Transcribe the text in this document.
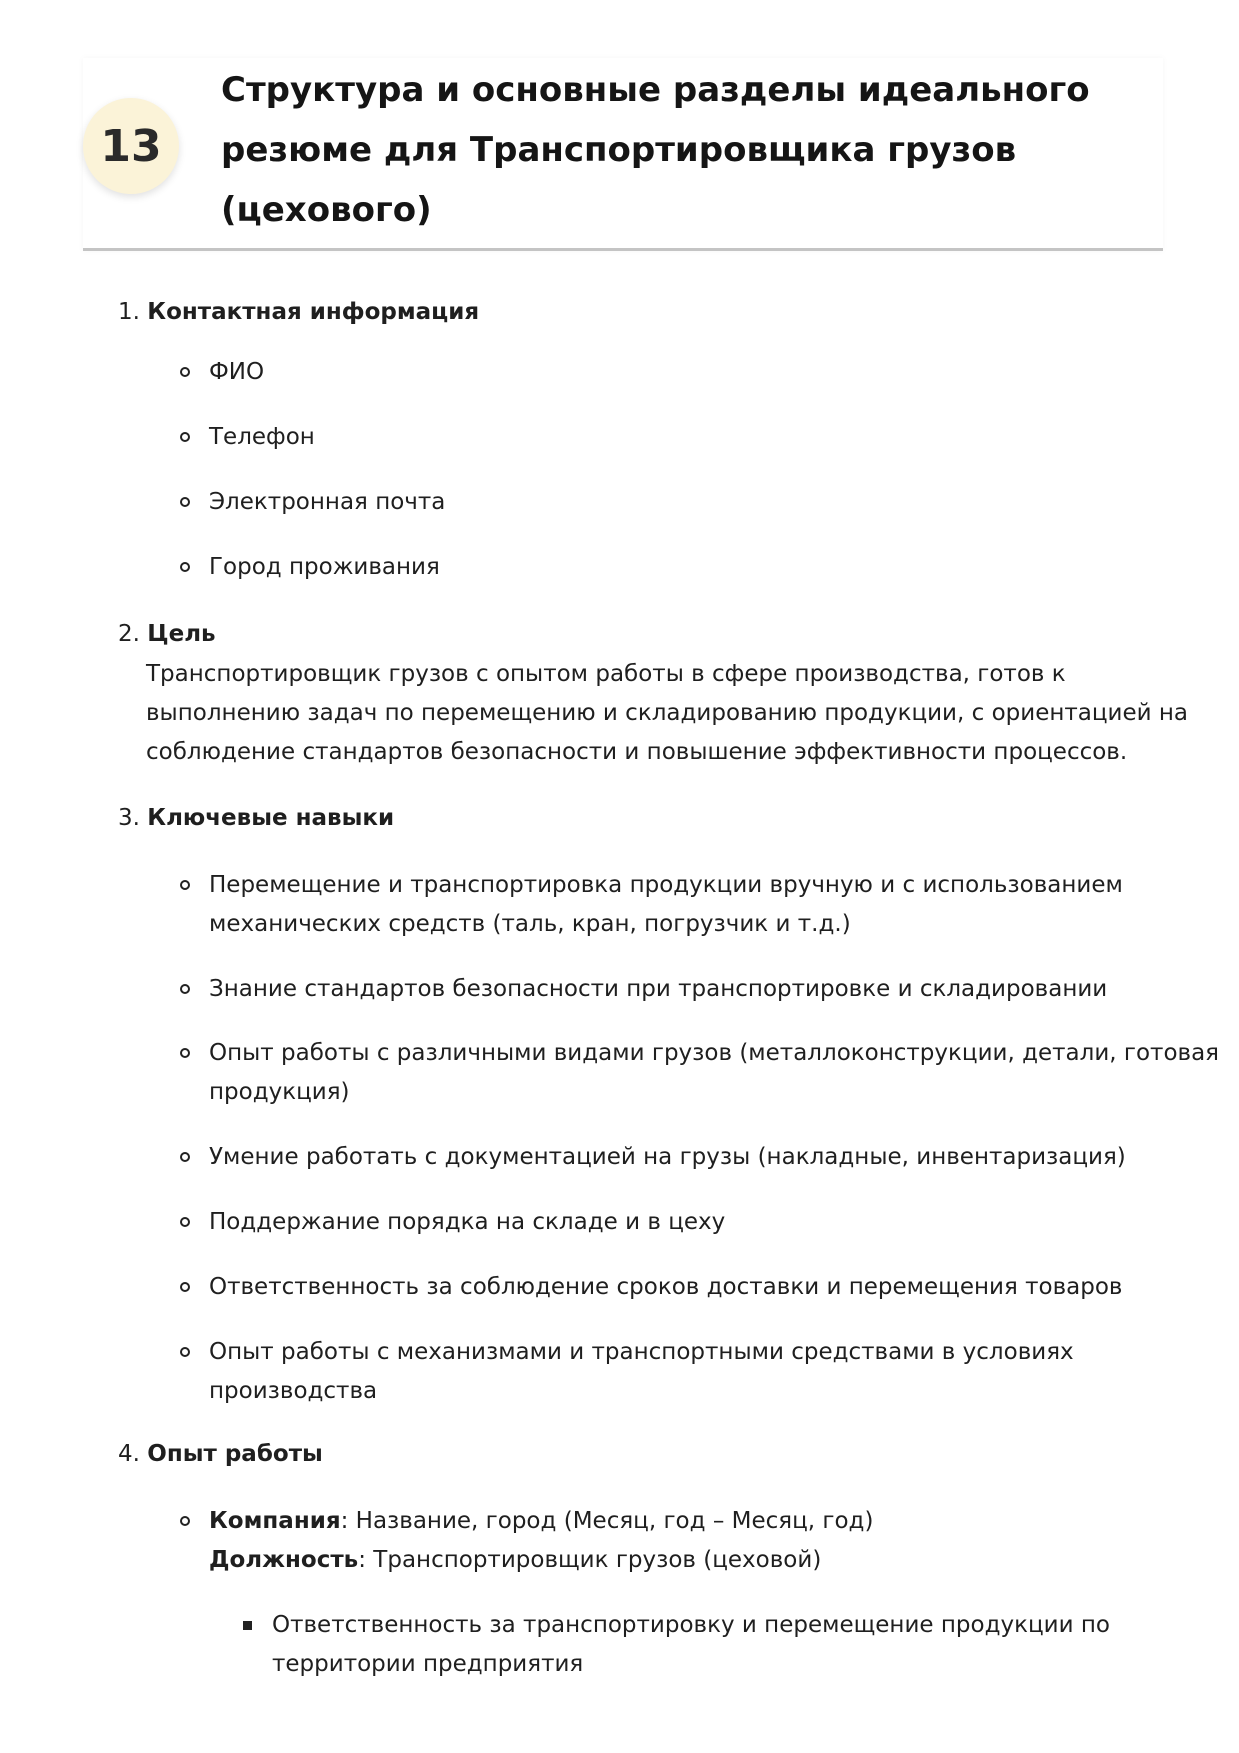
13
Структура и основные разделы идеального
резюме для Транспортировщика грузов
(цехового)
1. Контактная информация
ФИО
Телефон
Электронная почта
Город проживания
2. Цель
Транспортировщик грузов с опытом работы в сфере производства, готов к
выполнению задач по перемещению и складированию продукции, с ориентацией на
соблюдение стандартов безопасности и повышение эффективности процессов.
3. Ключевые навыки
Перемещение и транспортировка продукции вручную и с использованием
механических средств (таль, кран, погрузчик и т.д.)
Знание стандартов безопасности при транспортировке и складировании
Опыт работы с различными видами грузов (металлоконструкции, детали, готовая
продукция)
Умение работать с документацией на грузы (накладные, инвентаризация)
Поддержание порядка на складе и в цеху
Ответственность за соблюдение сроков доставки и перемещения товаров
Опыт работы с механизмами и транспортными средствами в условиях
производства
4. Опыт работы
Компания: Название, город (Месяц, год – Месяц, год)
Должность: Транспортировщик грузов (цеховой)
Ответственность за транспортировку и перемещение продукции по
территории предприятия
